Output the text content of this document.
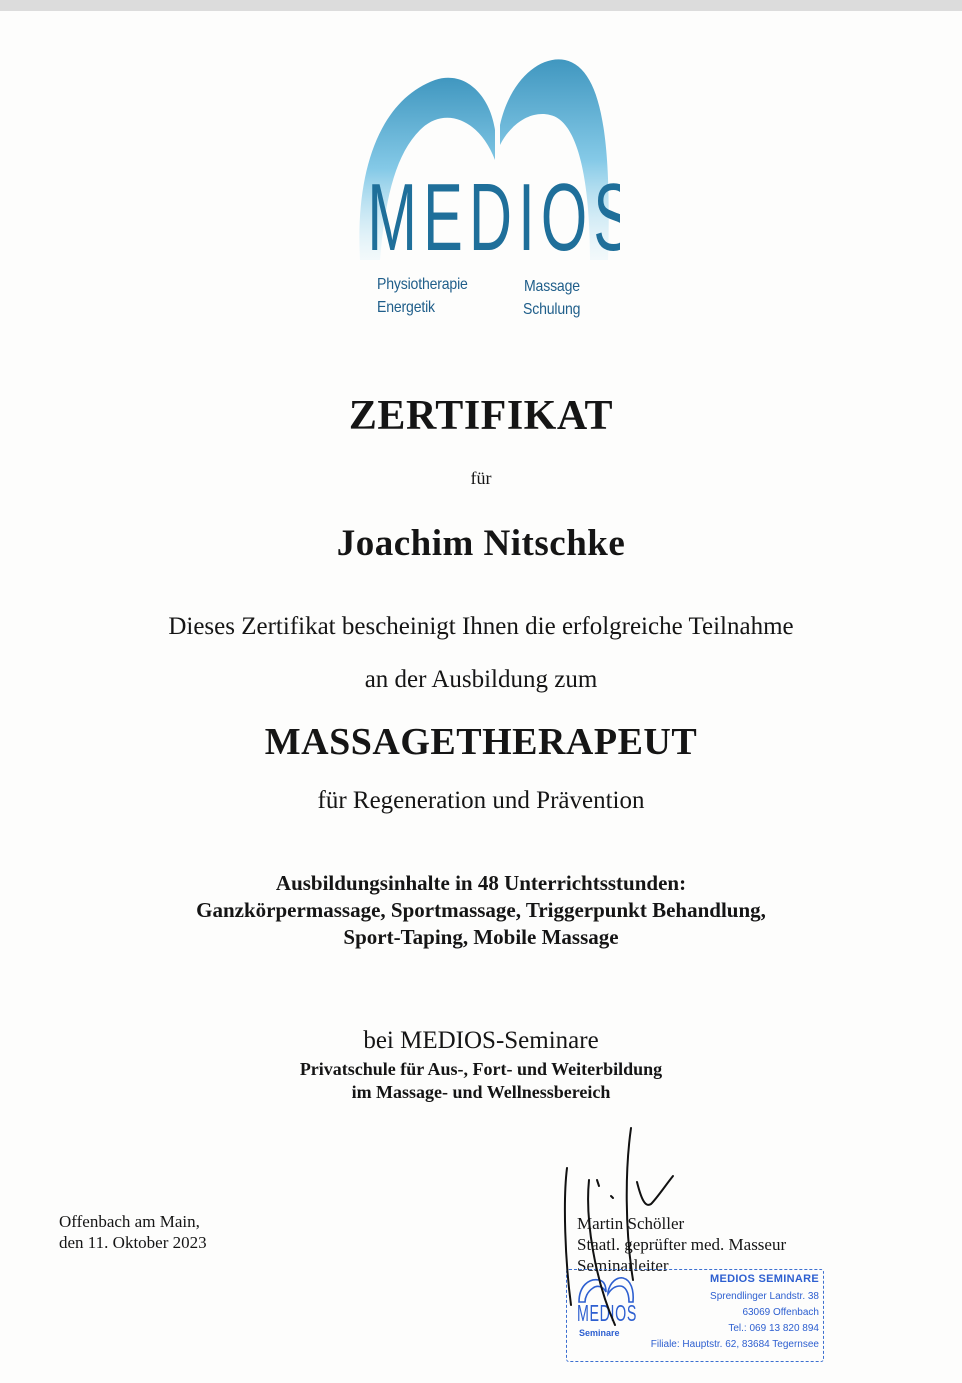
MEDIOS
Physiotherapie	Massage
Energetik	Schulung
ZERTIFIKAT
für
Joachim Nitschke
Dieses Zertifikat bescheinigt Ihnen die erfolgreiche Teilnahme
an der Ausbildung zum
MASSAGETHERAPEUT
für Regeneration und Prävention
Ausbildungsinhalte in 48 Unterrichtsstunden:
Ganzkörpermassage, Sportmassage, Triggerpunkt Behandlung,
Sport-Taping, Mobile Massage
bei MEDIOS-Seminare
Privatschule für Aus-, Fort- und Weiterbildung
im Massage- und Wellnessbereich
Offenbach am Main,
den 11. Oktober 2023
Martin Schöller
Staatl. geprüfter med. Masseur
Seminarleiter
MEDIOS SEMINARE
Sprendlinger Landstr. 38
63069 Offenbach
Tel.: 069 13 820 894
Filiale: Hauptstr. 62, 83684 Tegernsee
MEDIOS
Seminare
